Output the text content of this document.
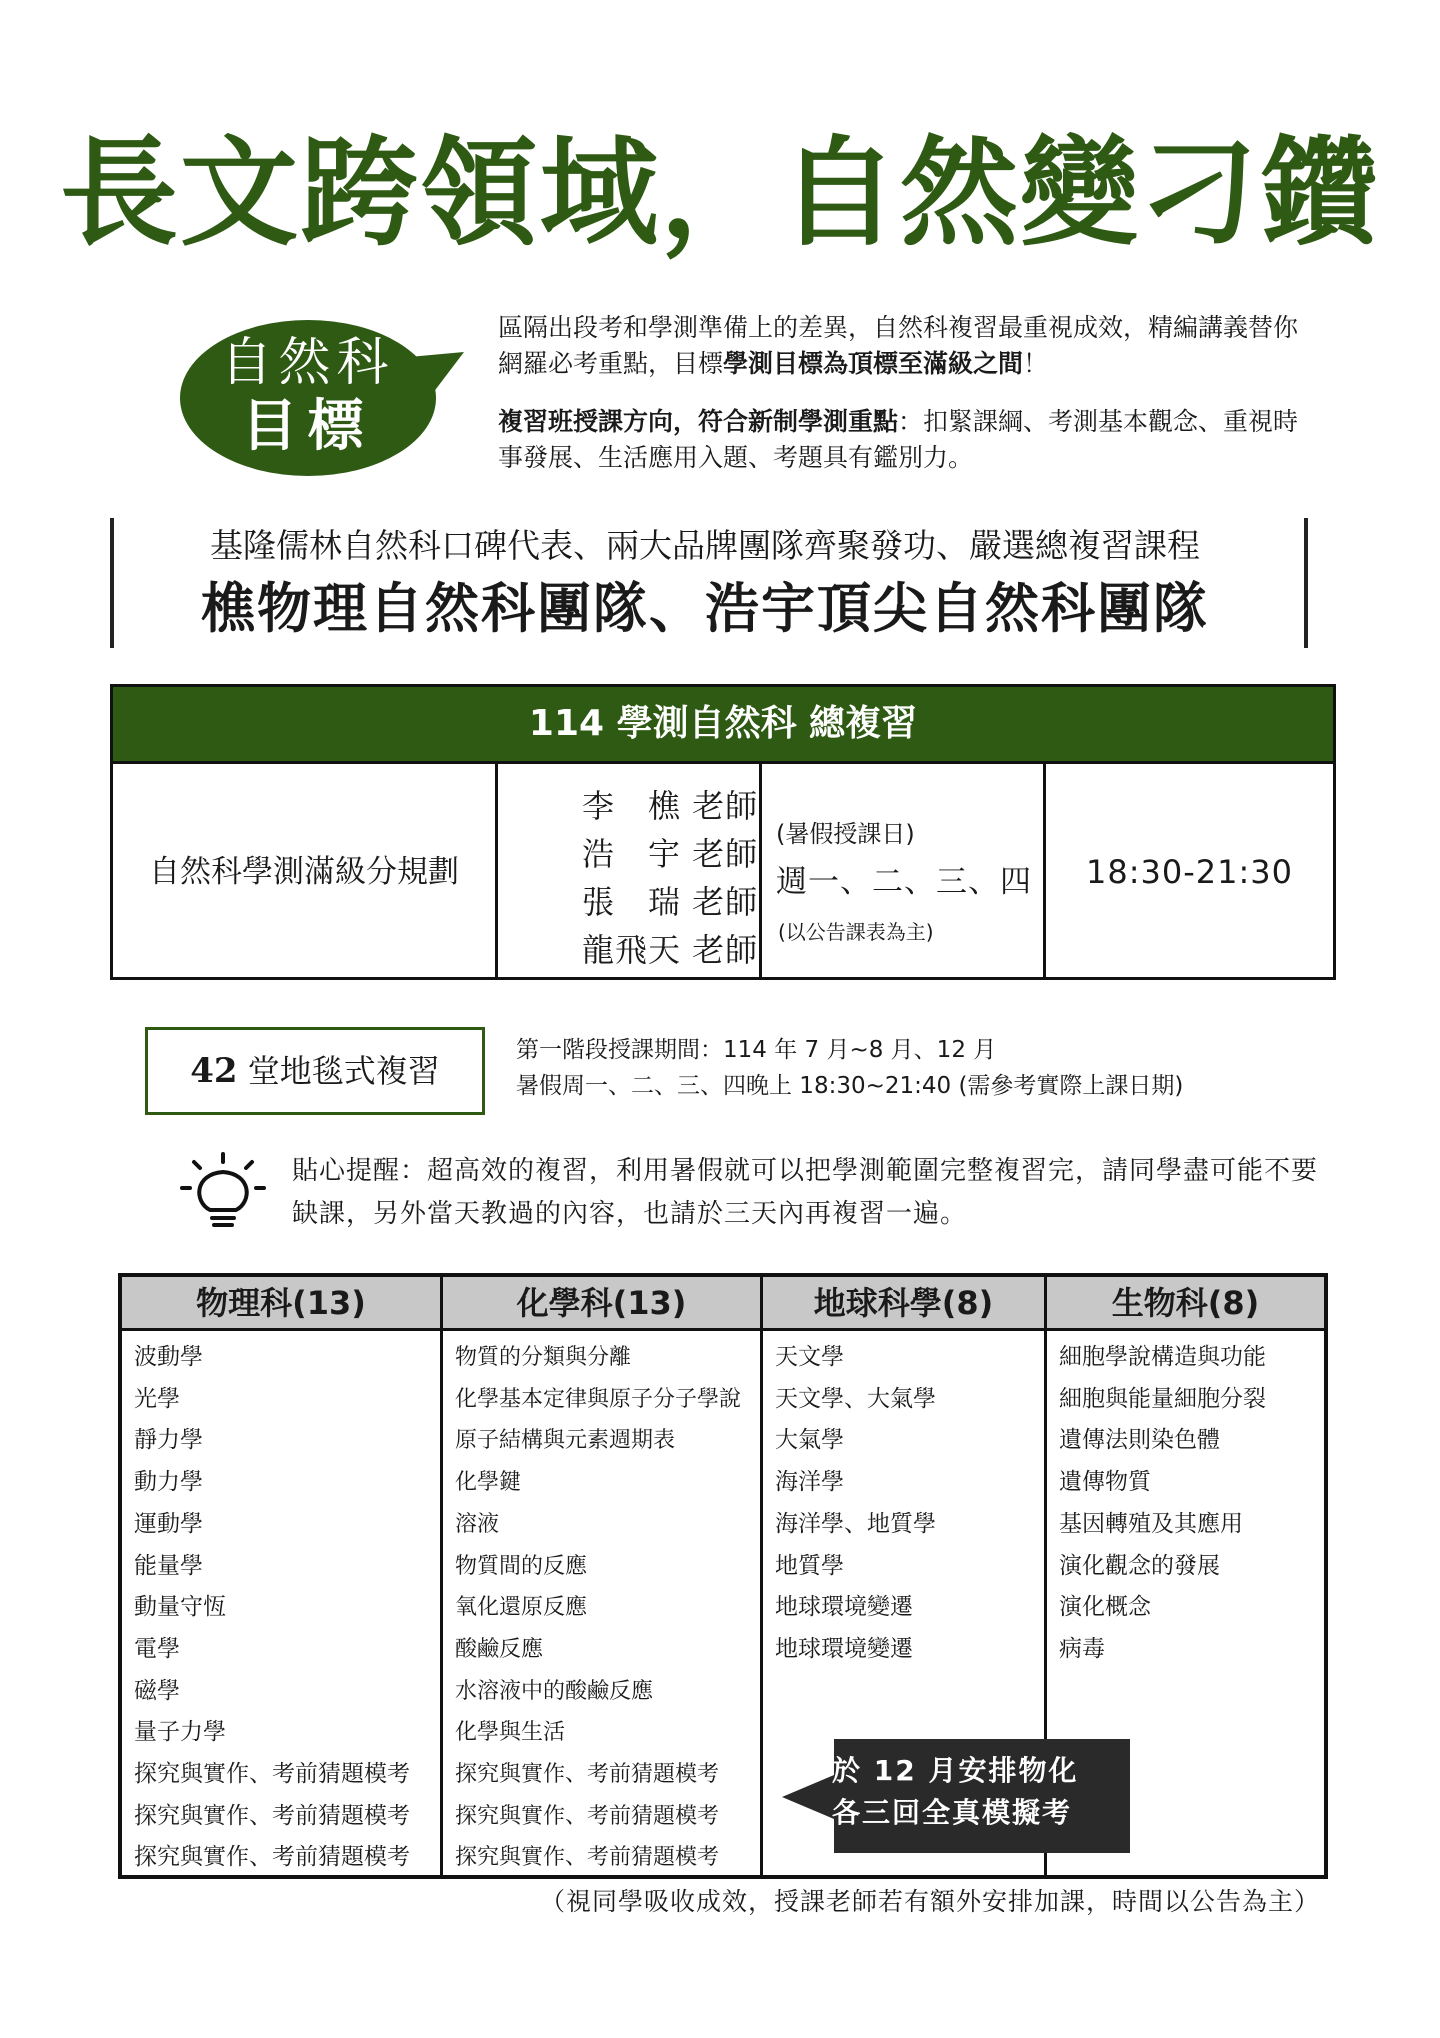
長文跨領域，自然變刁鑽
自然科
目標

區隔出段考和學測準備上的差異，自然科複習最重視成效，精編講義替你網羅必考重點，目標學測目標為頂標至滿級之間！

複習班授課方向，符合新制學測重點：扣緊課綱、考測基本觀念、重視時事發展、生活應用入題、考題具有鑑別力。

基隆儒林自然科口碑代表、兩大品牌團隊齊聚發功、嚴選總複習課程
樵物理自然科團隊、浩宇頂尖自然科團隊
114 學測自然科 總複習
自然科學測滿級分規劃
李　樵 老師
浩　宇 老師
張　瑞 老師
龍飛天 老師
(暑假授課日)
週一、二、三、四
(以公告課表為主)
18:30-21:30
42 堂地毯式複習
第一階段授課期間：114 年 7 月~8 月、12 月
暑假周一、二、三、四晚上 18:30~21:40 (需參考實際上課日期)
貼心提醒：超高效的複習，利用暑假就可以把學測範圍完整複習完，請同學盡可能不要缺課，另外當天教過的內容，也請於三天內再複習一遍。
物理科(13)
波動學
光學
靜力學
動力學
運動學
能量學
動量守恆
電學
磁學
量子力學
探究與實作、考前猜題模考
探究與實作、考前猜題模考
探究與實作、考前猜題模考
化學科(13)
物質的分類與分離
化學基本定律與原子分子學說
原子結構與元素週期表
化學鍵
溶液
物質間的反應
氧化還原反應
酸鹼反應
水溶液中的酸鹼反應
化學與生活
探究與實作、考前猜題模考
探究與實作、考前猜題模考
探究與實作、考前猜題模考
地球科學(8)
天文學
天文學、大氣學
大氣學
海洋學
海洋學、地質學
地質學
地球環境變遷
地球環境變遷
生物科(8)
細胞學說構造與功能
細胞與能量細胞分裂
遺傳法則染色體
遺傳物質
基因轉殖及其應用
演化觀念的發展
演化概念
病毒
於 12 月安排物化
各三回全真模擬考
（視同學吸收成效，授課老師若有額外安排加課，時間以公告為主）
